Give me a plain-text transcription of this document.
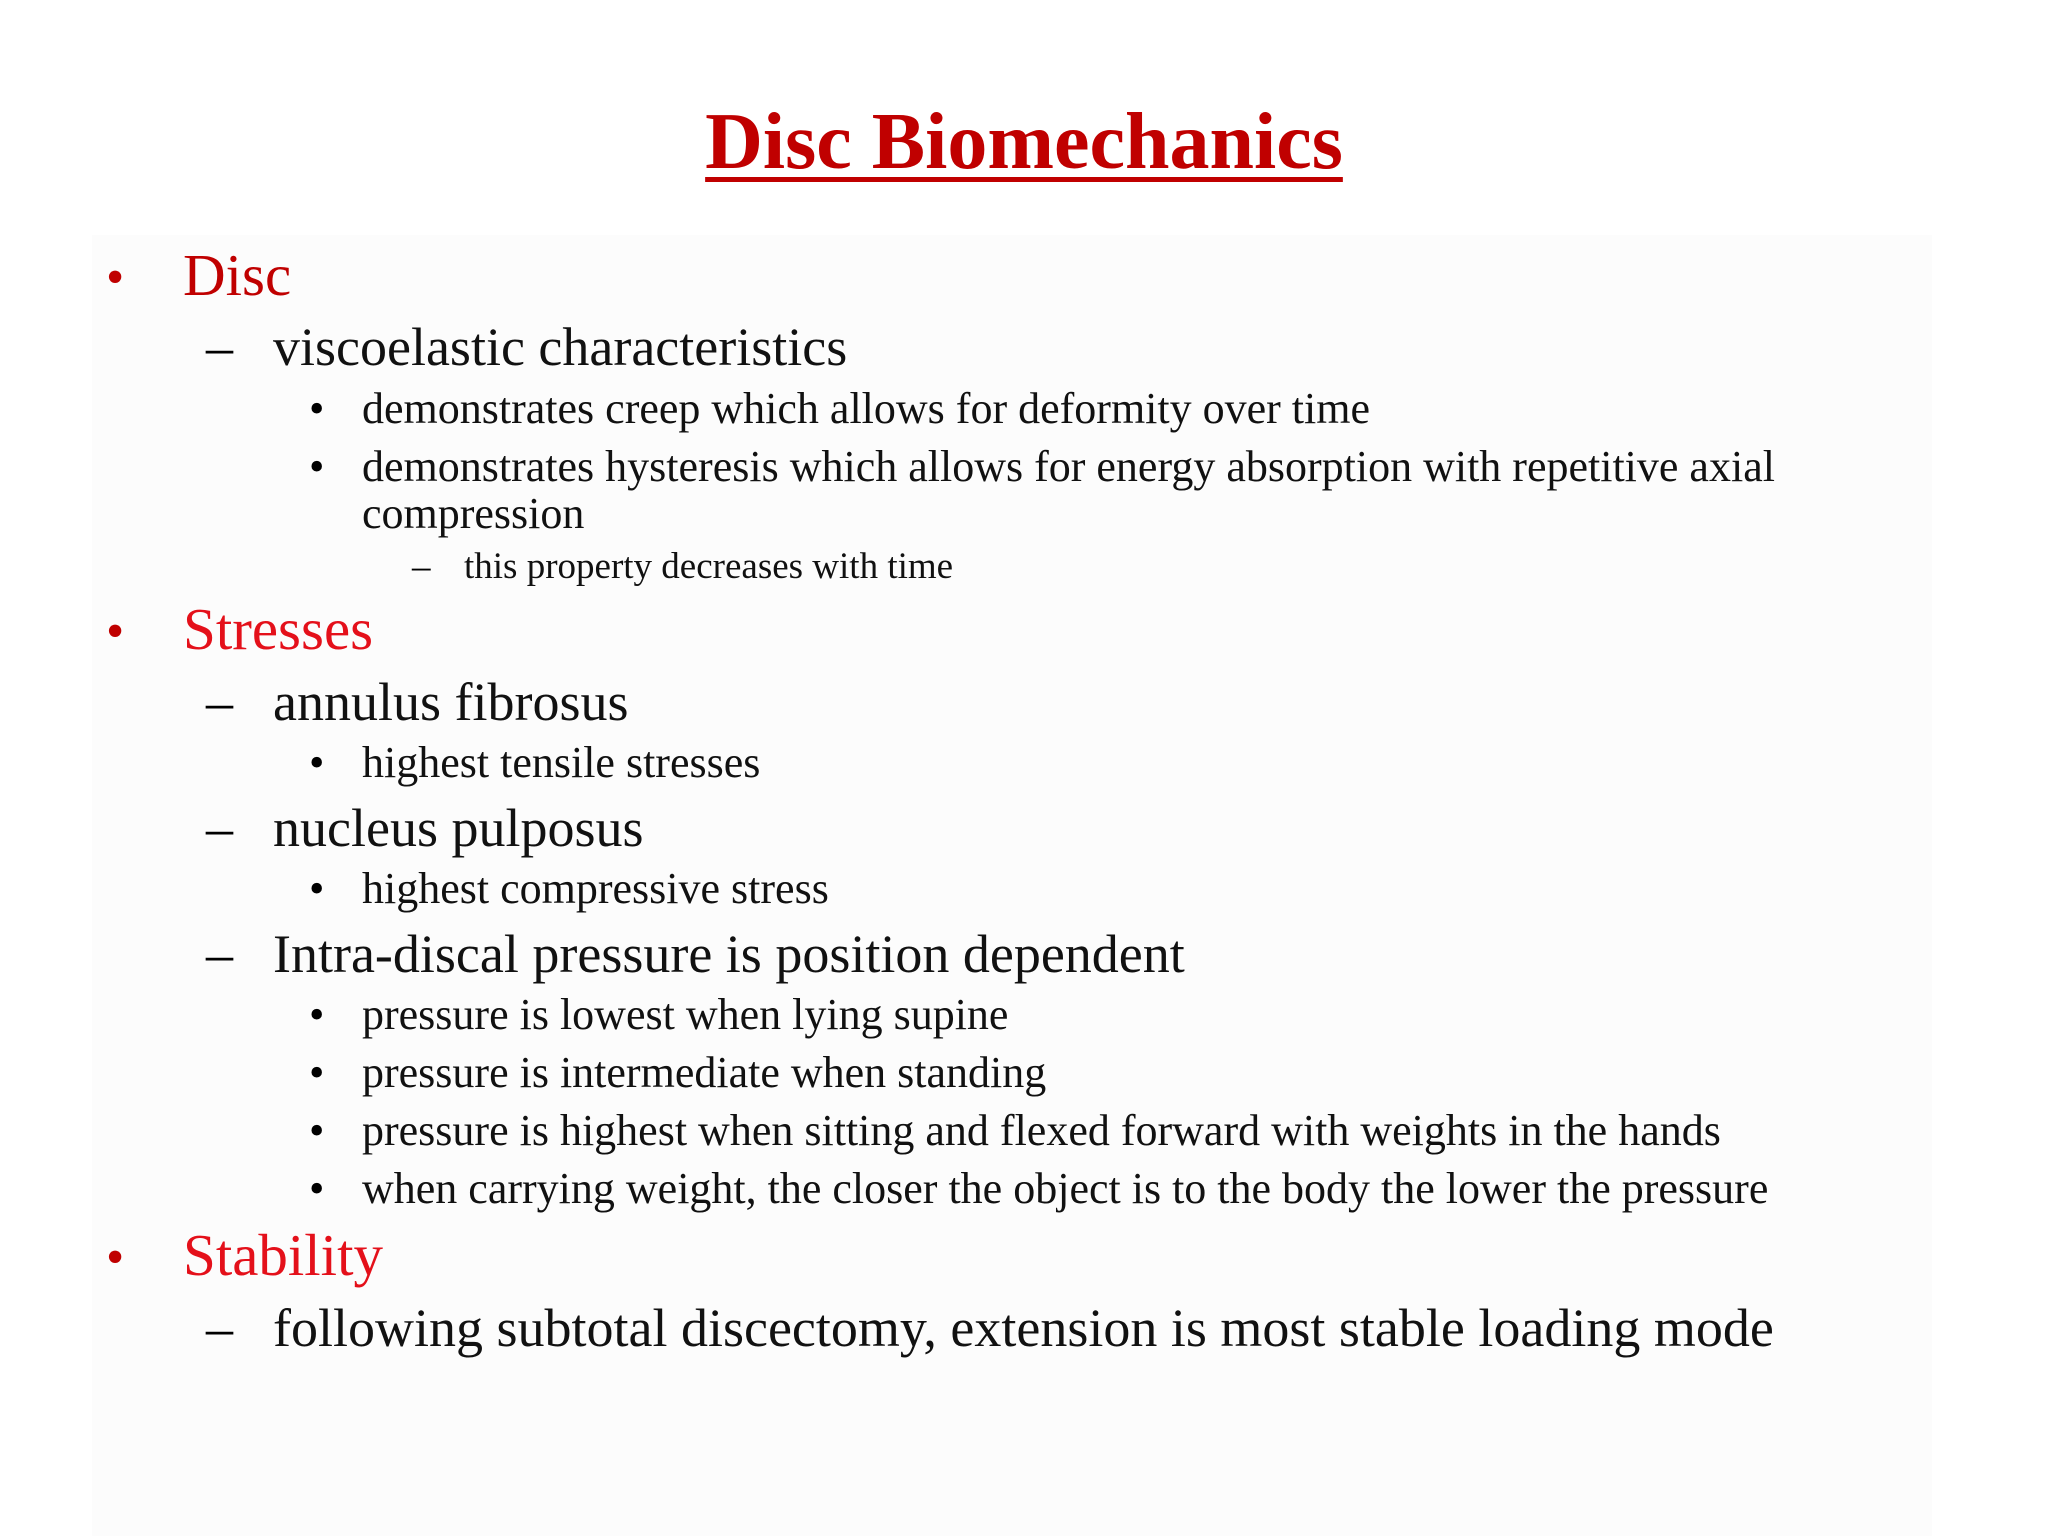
Disc Biomechanics
• Disc
– viscoelastic characteristics
• demonstrates creep which allows for deformity over time
• demonstrates hysteresis which allows for energy absorption with repetitive axial
compression
– this property decreases with time
• Stresses
– annulus fibrosus
• highest tensile stresses
– nucleus pulposus
• highest compressive stress
– Intra-discal pressure is position dependent
• pressure is lowest when lying supine
• pressure is intermediate when standing
• pressure is highest when sitting and flexed forward with weights in the hands
• when carrying weight, the closer the object is to the body the lower the pressure
• Stability
– following subtotal discectomy, extension is most stable loading mode
